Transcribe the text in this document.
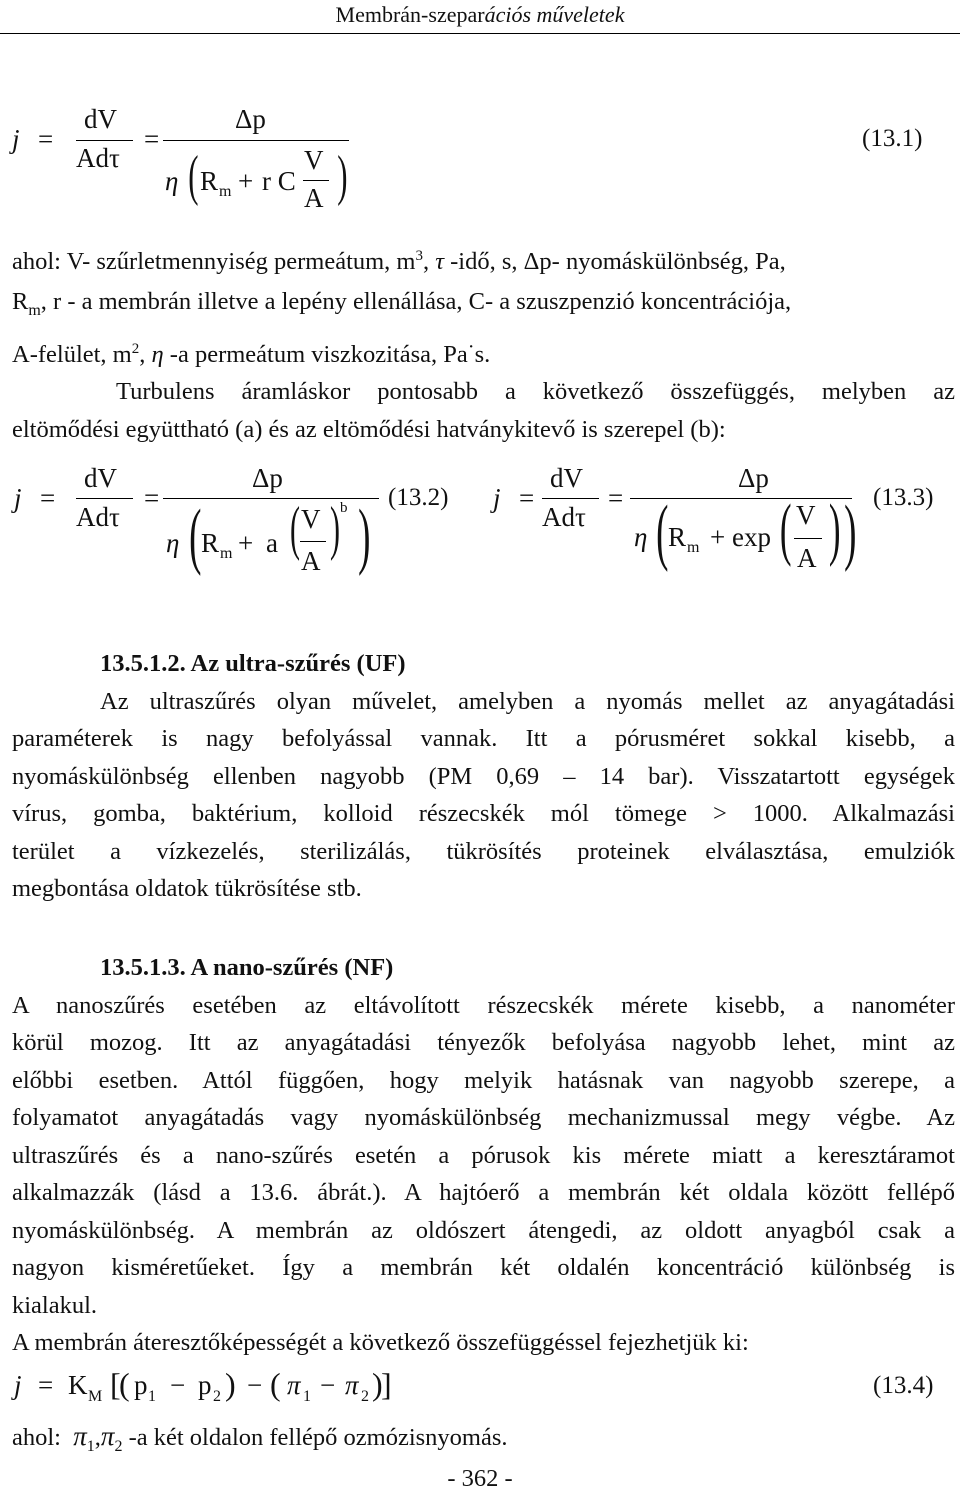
Membrán-szeparációs műveletek
j =
dV
Adτ
=
Δp
η ( R m + r C
V
A )
(13.1)
ahol: V- szűrletmennyiség permeátum, $m^3$, τ -idő, s, Δp- nyomáskülönbség, Pa,
$R_m$, r - a membrán illetve a lepény ellenállása, C- a szuszpenzió koncentrációja,
A-felület, $m^2$, η -a permeátum viszkozitása, Pa·s.
Turbulens áramláskor pontosabb a következő összefüggés, melyben az
eltömődési együttható (a) és az eltömődési hatványkitevő is szerepel (b):
j =
dV
Adτ
=
Δp
η ( R m + a ( V
A ) b ) (13.2) j =
dV
Adτ
=
Δp
η ( R m + exp ( V
A ) ) (13.3)
13.5.1.2. Az ultra-szűrés (UF)
Az ultraszűrés olyan művelet, amelyben a nyomás mellet az anyagátadási
paraméterek is nagy befolyással vannak. Itt a pórusméret sokkal kisebb, a
nyomáskülönbség ellenben nagyobb (PM 0,69 – 14 bar). Visszatartott egységek
vírus, gomba, baktérium, kolloid részecskék mól tömege > 1000. Alkalmazási
terület a vízkezelés, sterilizálás, tükrösítés proteinek elválasztása, emulziók
megbontása oldatok tükrösítése stb.
13.5.1.3. A nano-szűrés (NF)
A nanoszűrés esetében az eltávolított részecskék mérete kisebb, a nanométer
körül mozog. Itt az anyagátadási tényezők befolyása nagyobb lehet, mint az
előbbi esetben. Attól függően, hogy melyik hatásnak van nagyobb szerepe, a
folyamatot anyagátadás vagy nyomáskülönbség mechanizmussal megy végbe. Az
ultraszűrés és a nano-szűrés esetén a pórusok kis mérete miatt a keresztáramot
alkalmazzák (lásd a 13.6. ábrát.). A hajtóerő a membrán két oldala között fellépő
nyomáskülönbség. A membrán az oldószert átengedi, az oldott anyagból csak a
nagyon kisméretűeket. Így a membrán két oldalén koncentráció különbség is
kialakul.
A membrán áteresztőképességét a következő összefüggéssel fejezhetjük ki:
j = K M [
( p 1 − p 2 ) − ( π 1 − π 2 )
]	(13.4)
ahol: $\pi_1,\pi_2$ -a két oldalon fellépő ozmózisnyomás.
- 362 -
